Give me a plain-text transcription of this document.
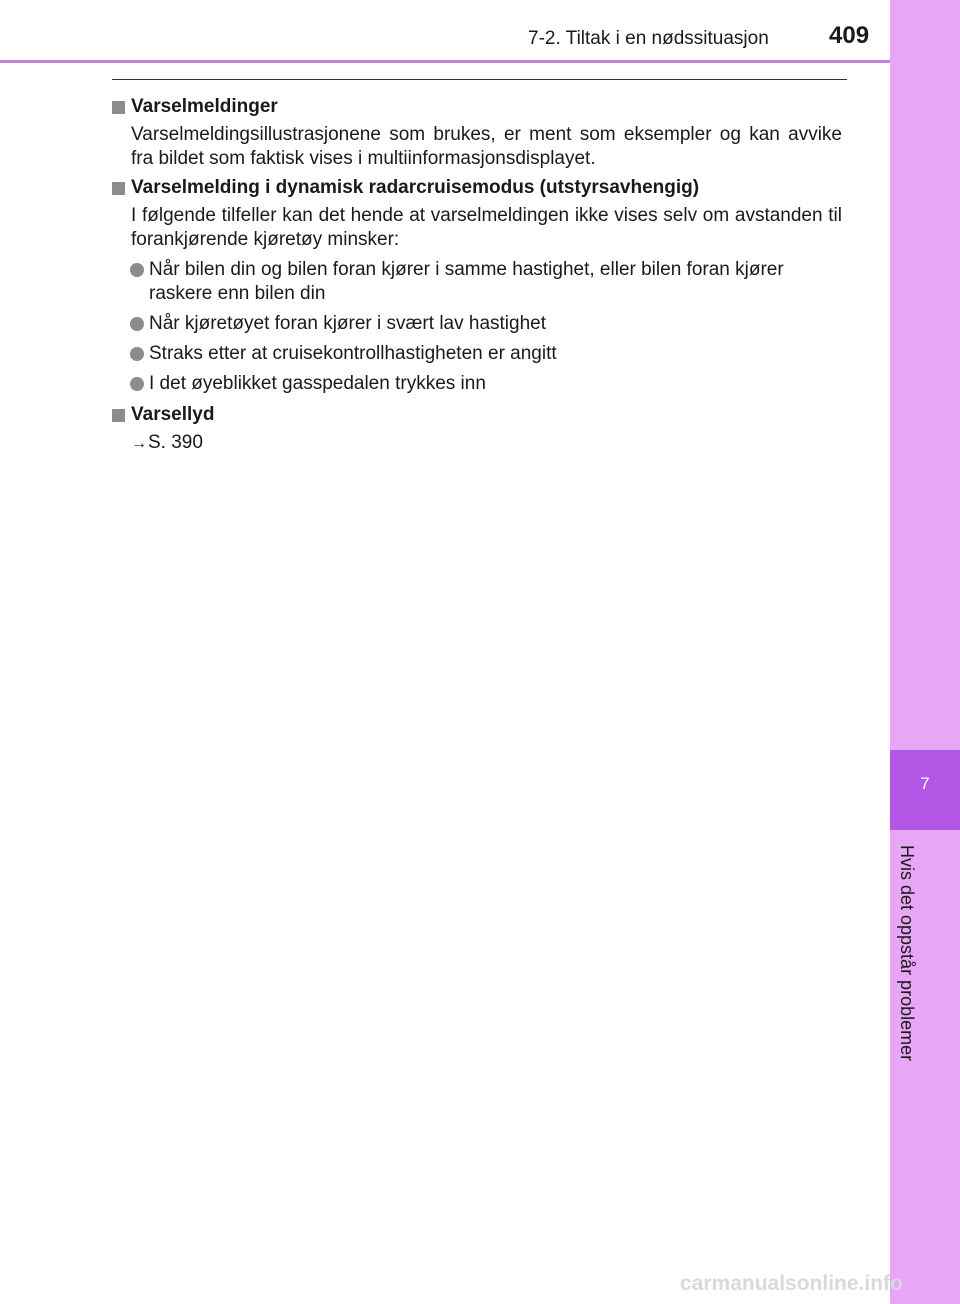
7-2. Tiltak i en nødssituasjon	409
7
Hvis det oppstår problemer
Varselmeldinger
Varselmeldingsillustrasjonene som brukes, er ment som eksempler og kan avvike fra bildet som faktisk vises i multiinformasjonsdisplayet.
Varselmelding i dynamisk radarcruisemodus (utstyrsavhengig)
I følgende tilfeller kan det hende at varselmeldingen ikke vises selv om avstanden til forankjørende kjøretøy minsker:
Når bilen din og bilen foran kjører i samme hastighet, eller bilen foran kjører raskere enn bilen din
Når kjøretøyet foran kjører i svært lav hastighet
Straks etter at cruisekontrollhastigheten er angitt
I det øyeblikket gasspedalen trykkes inn
Varsellyd
→S. 390
carmanualsonline.info
